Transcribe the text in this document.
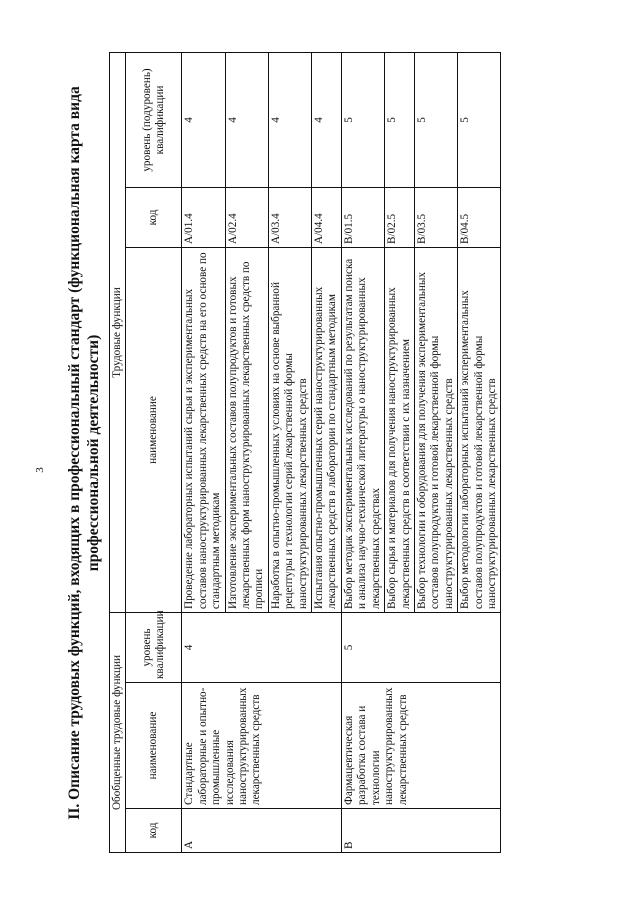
3 II. Описание трудовых функций, входящих в профессиональный стандарт (функциональная карта вида профессиональной деятельности)
Обобщенные трудовые функции			Трудовые функции		
код	наименование	уровень квалификации	наименование	код	уровень (подуровень) квалификации
A	Стандартные лабораторные и опытно-промышленные исследования наноструктурированных лекарственных средств	4	Проведение лабораторных испытаний сырья и экспериментальных составов наноструктурированных лекарственных средств на его основе по стандартным методикам	A/01.4	4
			Изготовление экспериментальных составов полупродуктов и готовых лекарственных форм наноструктурированных лекарственных средств по прописи	A/02.4	4
			Наработка в опытно-промышленных условиях на основе выбранной рецептуры и технологии серий лекарственной формы наноструктурированных лекарственных средств	A/03.4	4
			Испытания опытно-промышленных серий наноструктурированных лекарственных средств в лаборатории по стандартным методикам	A/04.4	4
B	Фармацевтическая разработка состава и технологии наноструктурированных лекарственных средств	5	Выбор методик экспериментальных исследований по результатам поиска и анализа научно-технической литературы о наноструктурированных лекарственных средствах	B/01.5	5
			Выбор сырья и материалов для получения наноструктурированных лекарственных средств в соответствии с их назначением	B/02.5	5
			Выбор технологии и оборудования для получения экспериментальных составов полупродуктов и готовой лекарственной формы наноструктурированных лекарственных средств	B/03.5	5
			Выбор методологии лабораторных испытаний экспериментальных составов полупродуктов и готовой лекарственной формы наноструктурированных лекарственных средств	B/04.5	5
